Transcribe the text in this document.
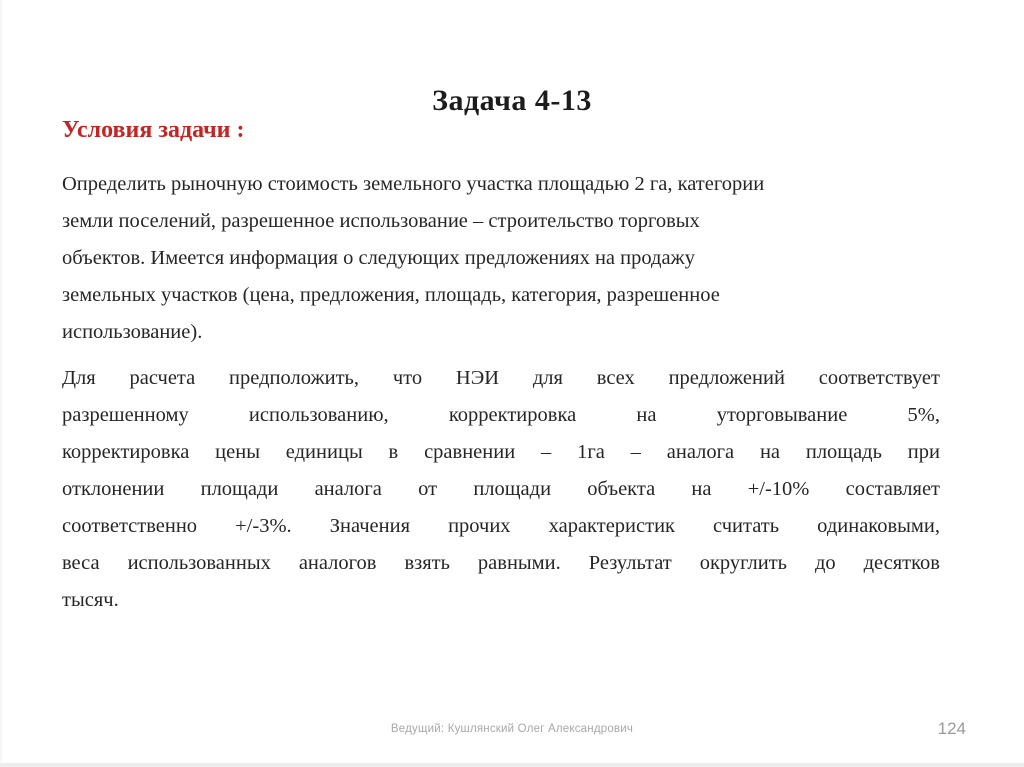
Задача 4-13
Условия задачи :
Определить рыночную стоимость земельного участка площадью 2 га, категории
земли поселений, разрешенное использование – строительство торговых
объектов. Имеется информация о следующих предложениях на продажу
земельных участков (цена, предложения, площадь, категория, разрешенное
использование).
Для расчета предположить, что НЭИ для всех предложений соответствует
разрешенному использованию, корректировка на уторговывание 5%,
корректировка цены единицы в сравнении – 1га – аналога на площадь при
отклонении площади аналога от площади объекта на +/-10% составляет
соответственно +/-3%. Значения прочих характеристик считать одинаковыми,
веса использованных аналогов взять равными. Результат округлить до десятков
тысяч.
Ведущий: Кушлянский Олег Александрович	124
